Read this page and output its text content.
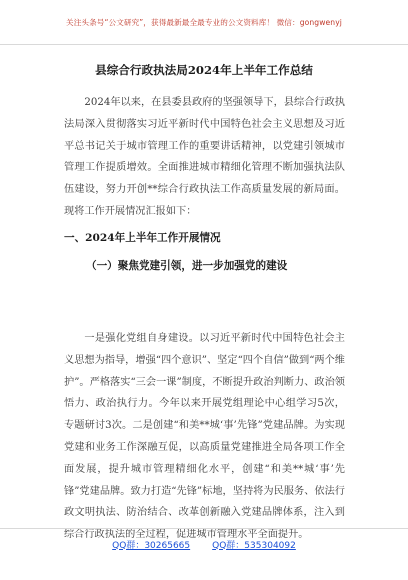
关注头条号“公文研究”，获得最新最全最专业的公文资料库！ 微信：gongwenyj
县综合行政执法局2024年上半年工作总结

2024年以来，在县委县政府的坚强领导下，县综合行政执法局深入贯彻落实习近平新时代中国特色社会主义思想及习近平总书记关于城市管理工作的重要讲话精神，以党建引领城市管理工作提质增效。全面推进城市精细化管理不断加强执法队伍建设，努力开创**综合行政执法工作高质量发展的新局面。现将工作开展情况汇报如下：

一、2024年上半年工作开展情况
（一）聚焦党建引领，进一步加强党的建设

一是强化党组自身建设。以习近平新时代中国特色社会主义思想为指导，增强“四个意识”、坚定“四个自信”做到“两个维护”。严格落实“三会一课”制度，不断提升政治判断力、政治领悟力、政治执行力。今年以来开展党组理论中心组学习5次，专题研讨3次。二是创建“和美**城‘事’先锋”党建品牌。为实现党建和业务工作深融互促，以高质量党建推进全局各项工作全面发展，提升城市管理精细化水平，创建“和美**城‘事’先锋”党建品牌。致力打造“先锋”标地，坚持将为民服务、依法行政文明执法、防治结合、改革创新融入党建品牌体系，注入到综合行政执法的全过程，促进城市管理水平全面提升。

QQ群：30265665 QQ群：535304092
